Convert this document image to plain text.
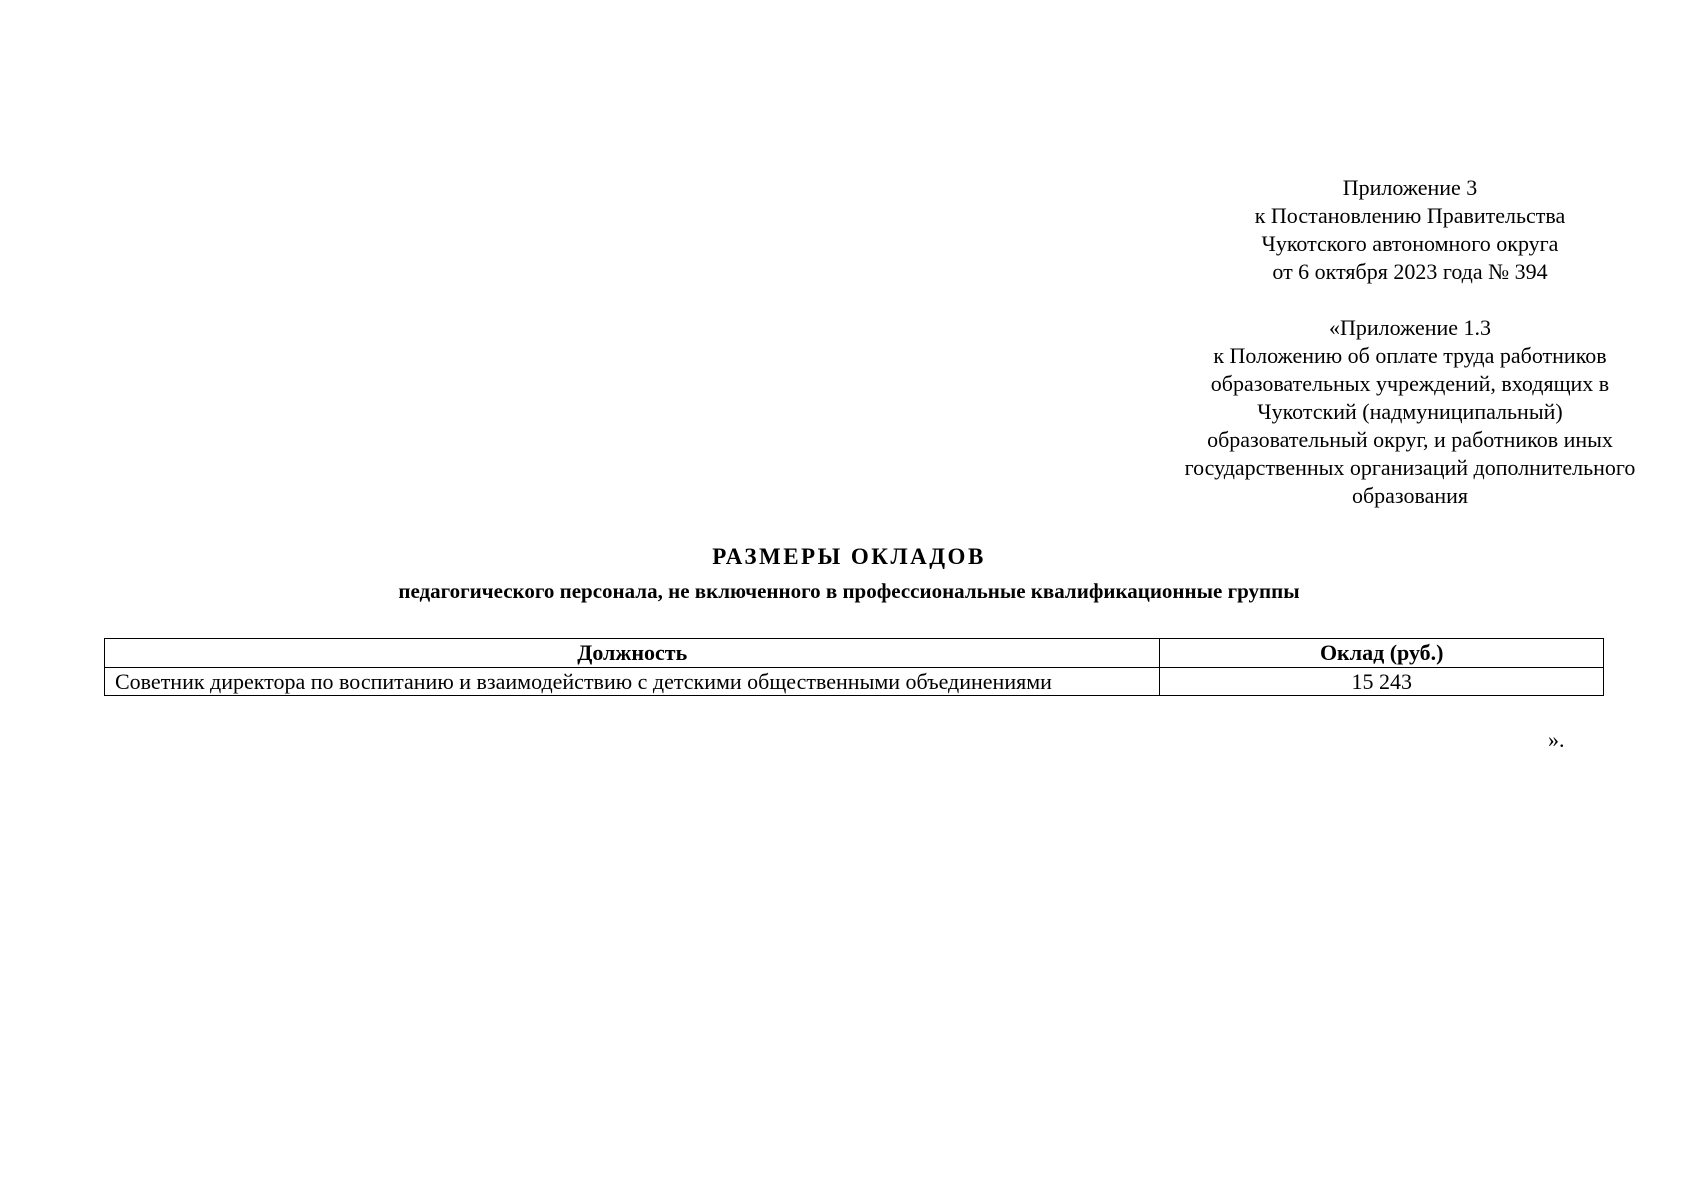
Приложение 3
к Постановлению Правительства
Чукотского автономного округа
от 6 октября 2023 года № 394
«Приложение 1.3
к Положению об оплате труда работников
образовательных учреждений, входящих в
Чукотский (надмуниципальный)
образовательный округ, и работников иных
государственных организаций дополнительного
образования
РАЗМЕРЫ ОКЛАДОВ
педагогического персонала, не включенного в профессиональные квалификационные группы
Должность	Оклад (руб.)
Советник директора по воспитанию и взаимодействию с детскими общественными объединениями	15 243
».
